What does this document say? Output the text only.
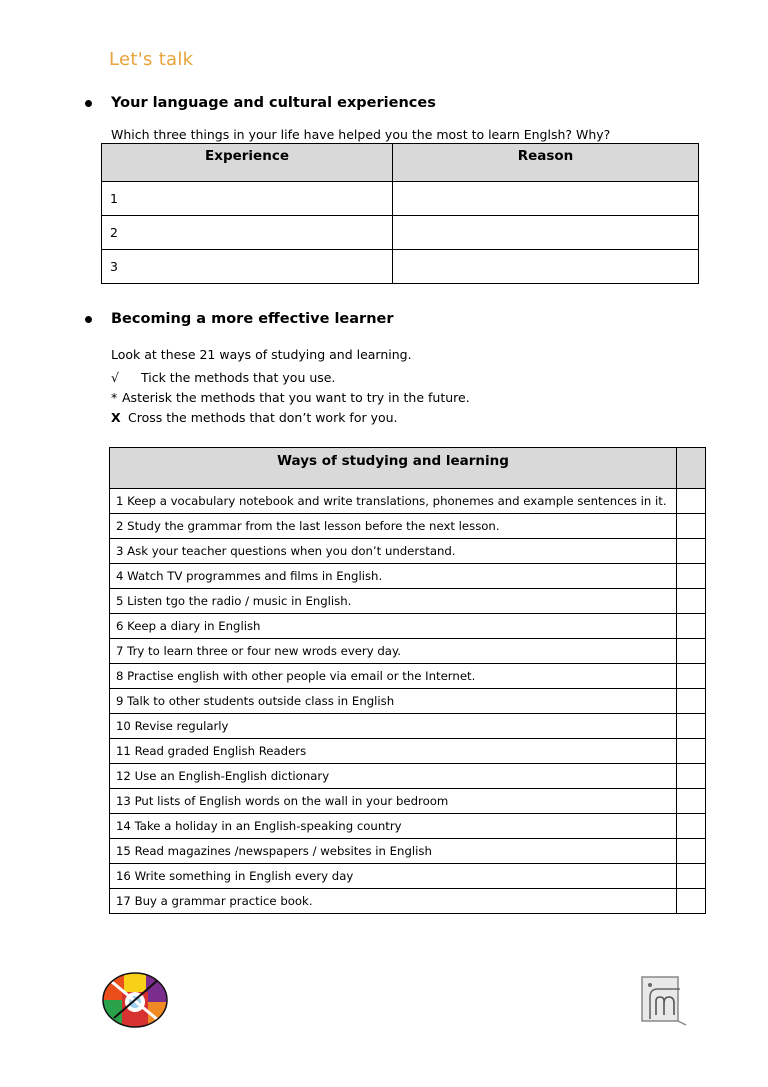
Let's talk
Your language and cultural experiences
Which three things in your life have helped you the most to learn Englsh? Why?
Experience	Reason
1	
2	
3	
Becoming a more effective learner
Look at these 21 ways of studying and learning.
√ Tick the methods that you use.
* Asterisk the methods that you want to try in the future.
X Cross the methods that don’t work for you.
Ways of studying and learning	
1 Keep a vocabulary notebook and write translations, phonemes and example sentences in it.	
2 Study the grammar from the last lesson before the next lesson.	
3 Ask your teacher questions when you don’t understand.	
4 Watch TV programmes and films in English.	
5 Listen tgo the radio / music in English.	
6 Keep a diary in English	
7 Try to learn three or four new wrods every day.	
8 Practise english with other people via email or the Internet.	
9 Talk to other students outside class in English	
10 Revise regularly	
11 Read graded English Readers	
12 Use an English-English dictionary	
13 Put lists of English words on the wall in your bedroom	
14 Take a holiday in an English-speaking country	
15 Read magazines /newspapers / websites in English	
16 Write something in English every day	
17 Buy a grammar practice book.	
